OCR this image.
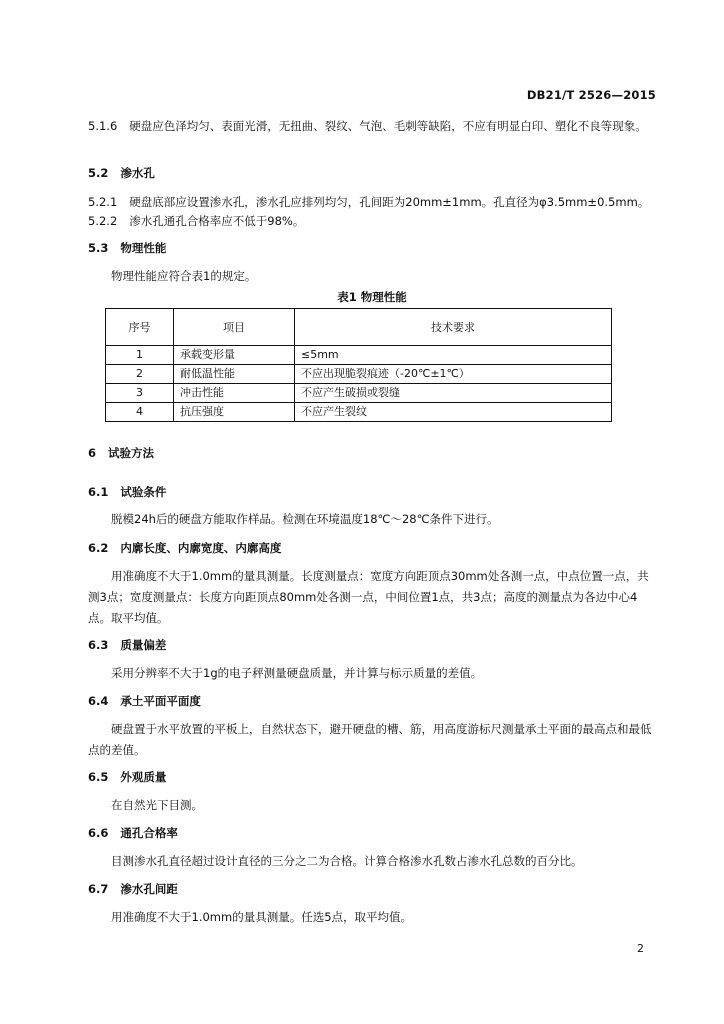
DB21/T 2526—2015

5.1.6 硬盘应色泽均匀、表面光滑，无扭曲、裂纹、气泡、毛刺等缺陷，不应有明显白印、塑化不良等现象。

5.2 渗水孔

5.2.1 硬盘底部应设置渗水孔，渗水孔应排列均匀，孔间距为20mm±1mm。孔直径为φ3.5mm±0.5mm。

5.2.2 渗水孔通孔合格率应不低于98%。

5.3 物理性能

物理性能应符合表1的规定。

表1 物理性能
序号	项目	技术要求
1	承载变形量	≤5mm
2	耐低温性能	不应出现脆裂痕迹（-20℃±1℃）
3	冲击性能	不应产生破损或裂缝
4	抗压强度	不应产生裂纹
6 试验方法
6.1 试验条件

脱模24h后的硬盘方能取作样品。检测在环境温度18℃～28℃条件下进行。

6.2 内廓长度、内廓宽度、内廓高度

用准确度不大于1.0mm的量具测量。长度测量点：宽度方向距顶点30mm处各测一点，中点位置一点，共测3点；宽度测量点：长度方向距顶点80mm处各测一点，中间位置1点，共3点；高度的测量点为各边中心4点。取平均值。

6.3 质量偏差

采用分辨率不大于1g的电子秤测量硬盘质量，并计算与标示质量的差值。

6.4 承土平面平面度

硬盘置于水平放置的平板上，自然状态下，避开硬盘的槽、筋，用高度游标尺测量承土平面的最高点和最低点的差值。

6.5 外观质量

在自然光下目测。

6.6 通孔合格率

目测渗水孔直径超过设计直径的三分之二为合格。计算合格渗水孔数占渗水孔总数的百分比。

6.7 渗水孔间距

用准确度不大于1.0mm的量具测量。任选5点，取平均值。

2
